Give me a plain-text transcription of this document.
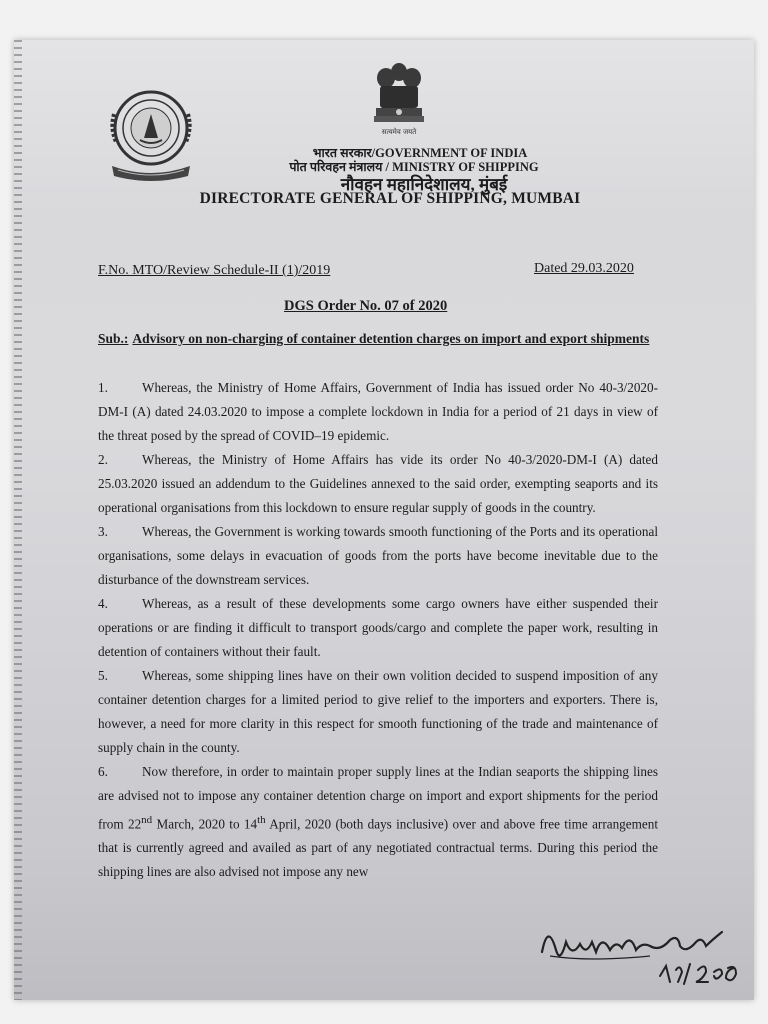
सत्यमेव जयते
भारत सरकार/GOVERNMENT OF INDIA
पोत परिवहन मंत्रालय / MINISTRY OF SHIPPING
नौवहन महानिदेशालय, मुंबई
DIRECTORATE GENERAL OF SHIPPING, MUMBAI
F.No. MTO/Review Schedule-II (1)/2019	Dated 29.03.2020
DGS Order No. 07 of 2020
Sub.: Advisory on non-charging of container detention charges on import and export shipments

1.	Whereas, the Ministry of Home Affairs, Government of India has issued order No 40-3/2020-DM-I (A) dated 24.03.2020 to impose a complete lockdown in India for a period of 21 days in view of the threat posed by the spread of COVID–19 epidemic.

2.	Whereas, the Ministry of Home Affairs has vide its order No 40-3/2020-DM-I (A) dated 25.03.2020 issued an addendum to the Guidelines annexed to the said order, exempting seaports and its operational organisations from this lockdown to ensure regular supply of goods in the country.

3.	Whereas, the Government is working towards smooth functioning of the Ports and its operational organisations, some delays in evacuation of goods from the ports have become inevitable due to the disturbance of the downstream services.

4.	Whereas, as a result of these developments some cargo owners have either suspended their operations or are finding it difficult to transport goods/cargo and complete the paper work, resulting in detention of containers without their fault.

5.	Whereas, some shipping lines have on their own volition decided to suspend imposition of any container detention charges for a limited period to give relief to the importers and exporters. There is, however, a need for more clarity in this respect for smooth functioning of the trade and maintenance of supply chain in the county.

6.	Now therefore, in order to maintain proper supply lines at the Indian seaports the shipping lines are advised not to impose any container detention charge on import and export shipments for the period from 22nd March, 2020 to 14th April, 2020 (both days inclusive) over and above free time arrangement that is currently agreed and availed as part of any negotiated contractual terms. During this period the shipping lines are also advised not impose any new

29/3/2020
